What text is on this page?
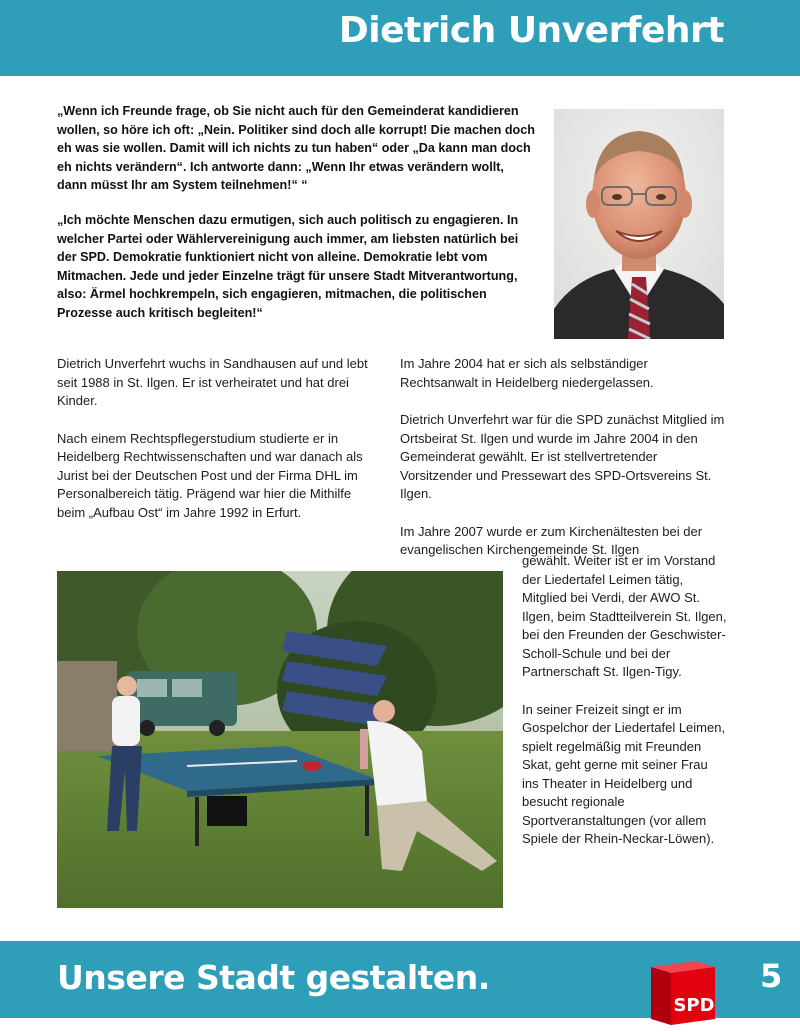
Dietrich Unverfehrt

„Wenn ich Freunde frage, ob Sie nicht auch für den Gemeinderat kandidieren wollen, so höre ich oft: „Nein. Politiker sind doch alle korrupt! Die machen doch eh was sie wollen. Damit will ich nichts zu tun haben“ oder „Da kann man doch eh nichts verändern“. Ich antworte dann: „Wenn Ihr etwas verändern wollt, dann müsst Ihr am System teilnehmen!“ “

„Ich möchte Menschen dazu ermutigen, sich auch politisch zu engagieren. In welcher Partei oder Wählervereinigung auch immer, am liebsten natürlich bei der SPD. Demokratie funktioniert nicht von alleine. Demokratie lebt vom Mitmachen. Jede und jeder Einzelne trägt für unsere Stadt Mitverantwortung, also: Ärmel hochkrempeln, sich engagieren, mitmachen, die politischen Prozesse auch kritisch begleiten!“

Dietrich Unverfehrt wuchs in Sandhausen auf und lebt seit 1988 in St. Ilgen. Er ist verheiratet und hat drei Kinder.

Nach einem Rechtspflegerstudium studierte er in Heidelberg Rechtwissenschaften und war danach als Jurist bei der Deutschen Post und der Firma DHL im Personalbereich tätig. Prägend war hier die Mithilfe beim „Aufbau Ost“ im Jahre 1992 in Erfurt.

Im Jahre 2004 hat er sich als selbständiger Rechtsanwalt in Heidelberg niedergelassen.

Dietrich Unverfehrt war für die SPD zunächst Mitglied im Ortsbeirat St. Ilgen und wurde im Jahre 2004 in den Gemeinderat gewählt. Er ist stellvertretender Vorsitzender und Pressewart des SPD-Ortsvereins St. Ilgen.

Im Jahre 2007 wurde er zum Kirchenältesten bei der evangelischen Kirchengemeinde St. Ilgen

gewählt. Weiter ist er im Vorstand der Liedertafel Leimen tätig, Mitglied bei Verdi, der AWO St. Ilgen, beim Stadtteilverein St. Ilgen, bei den Freunden der Geschwister-Scholl-Schule und bei der Partnerschaft St. Ilgen-Tigy.

In seiner Freizeit singt er im Gospelchor der Liedertafel Leimen, spielt regelmäßig mit Freunden Skat, geht gerne mit seiner Frau ins Theater in Heidelberg und besucht regionale Sportveranstaltungen (vor allem Spiele der Rhein-Neckar-Löwen).

Unsere Stadt gestalten.	5
SPD
